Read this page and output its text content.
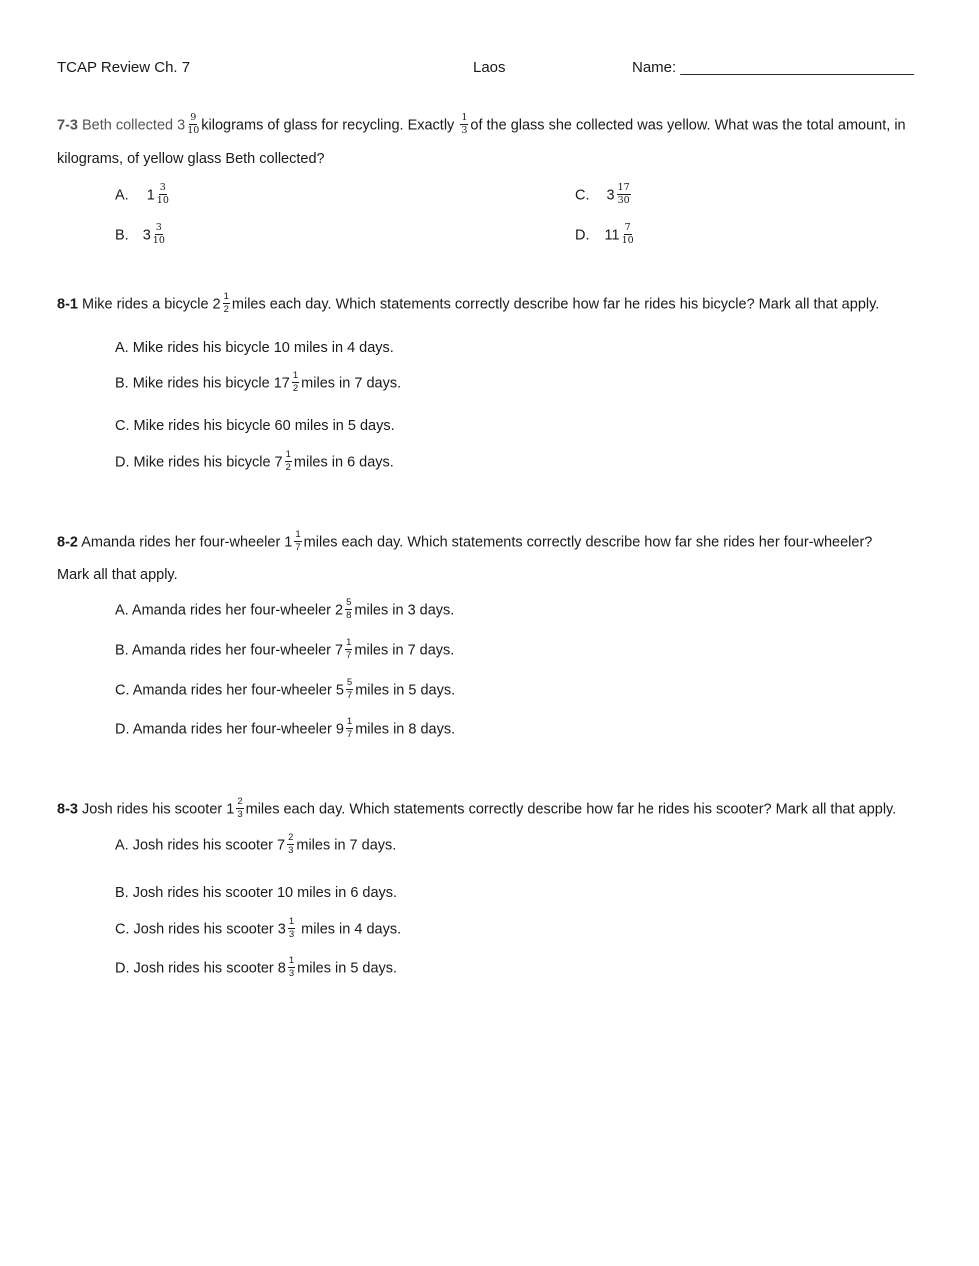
TCAP Review Ch. 7	Laos	Name: ____________________________
7-3 Beth collected $3 \frac{9}{10}$ kilograms of glass for recycling. Exactly $\frac{1}{3}$ of the glass she collected was yellow. What was the total amount, in
kilograms, of yellow glass Beth collected?
A. $1 \frac{3}{10}$
B. $3 \frac{3}{10}$
C. $3 \frac{17}{30}$
D. $11 \frac{7}{10}$
8-1 Mike rides a bicycle $2 \frac{1}{2}$ miles each day. Which statements correctly describe how far he rides his bicycle? Mark all that apply.
A. Mike rides his bicycle 10 miles in 4 days.
B. Mike rides his bicycle $17 \frac{1}{2}$ miles in 7 days.
C. Mike rides his bicycle 60 miles in 5 days.
D. Mike rides his bicycle $7 \frac{1}{2}$ miles in 6 days.
8-2 Amanda rides her four-wheeler $1 \frac{1}{7}$ miles each day. Which statements correctly describe how far she rides her four-wheeler?
Mark all that apply.
A. Amanda rides her four-wheeler $2 \frac{5}{8}$ miles in 3 days.
B. Amanda rides her four-wheeler $7 \frac{1}{7}$ miles in 7 days.
C. Amanda rides her four-wheeler $5 \frac{5}{7}$ miles in 5 days.
D. Amanda rides her four-wheeler $9 \frac{1}{7}$ miles in 8 days.
8-3 Josh rides his scooter $1 \frac{2}{3}$ miles each day. Which statements correctly describe how far he rides his scooter? Mark all that apply.
A. Josh rides his scooter $7 \frac{2}{3}$ miles in 7 days.
B. Josh rides his scooter 10 miles in 6 days.
C. Josh rides his scooter $3 \frac{1}{3}$ miles in 4 days.
D. Josh rides his scooter $8 \frac{1}{3}$ miles in 5 days.
